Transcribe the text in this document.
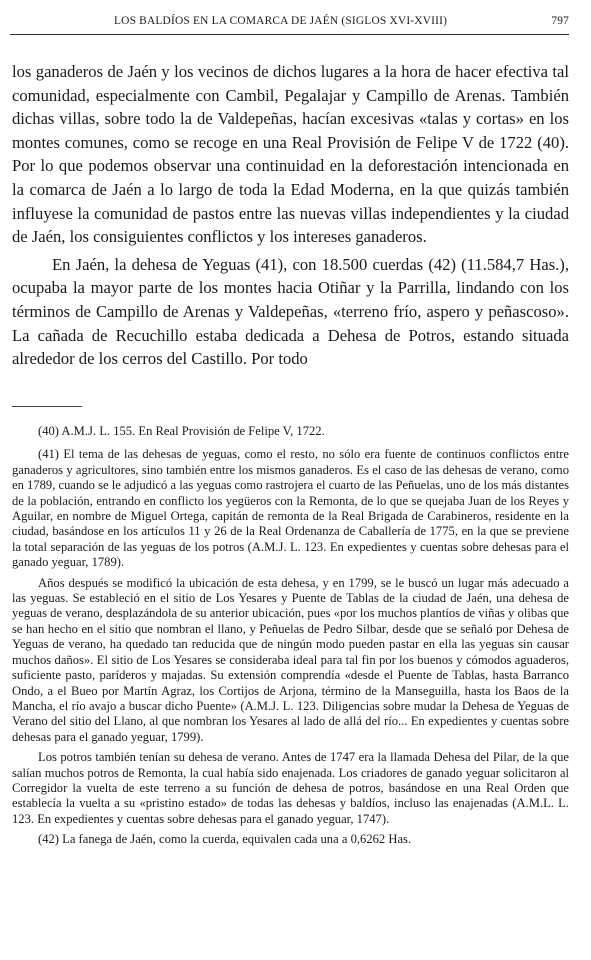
LOS BALDÍOS EN LA COMARCA DE JAÉN (SIGLOS XVI-XVIII)	797

los ganaderos de Jaén y los vecinos de dichos lugares a la hora de hacer efectiva tal comunidad, especialmente con Cambil, Pegalajar y Campillo de Arenas. También dichas villas, sobre todo la de Valdepeñas, hacían excesivas «talas y cortas» en los montes comunes, como se recoge en una Real Provisión de Felipe V de 1722 (40). Por lo que podemos observar una continuidad en la deforestación intencionada en la comarca de Jaén a lo largo de toda la Edad Moderna, en la que quizás también influyese la comunidad de pastos entre las nuevas villas independientes y la ciudad de Jaén, los consiguientes conflictos y los intereses ganaderos.

En Jaén, la dehesa de Yeguas (41), con 18.500 cuerdas (42) (11.584,7 Has.), ocupaba la mayor parte de los montes hacia Otiñar y la Parrilla, lindando con los términos de Campillo de Arenas y Valdepeñas, «terreno frío, aspero y peñascoso». La cañada de Recuchillo estaba dedicada a Dehesa de Potros, estando situada alrededor de los cerros del Castillo. Por todo

(40) A.M.J. L. 155. En Real Provisión de Felipe V, 1722.

(41) El tema de las dehesas de yeguas, como el resto, no sólo era fuente de continuos conflictos entre ganaderos y agricultores, sino también entre los mismos ganaderos. Es el caso de las dehesas de verano, como en 1789, cuando se le adjudicó a las yeguas como rastrojera el cuarto de las Peñuelas, uno de los más distantes de la población, entrando en conflicto los yegüeros con la Remonta, de lo que se quejaba Juan de los Reyes y Aguilar, en nombre de Miguel Ortega, capitán de remonta de la Real Brigada de Carabineros, residente en la ciudad, basándose en los artículos 11 y 26 de la Real Ordenanza de Caballería de 1775, en la que se previene la total separación de las yeguas de los potros (A.M.J. L. 123. En expedientes y cuentas sobre dehesas para el ganado yeguar, 1789).

Años después se modificó la ubicación de esta dehesa, y en 1799, se le buscó un lugar más adecuado a las yeguas. Se estableció en el sitio de Los Yesares y Puente de Tablas de la ciudad de Jaén, una dehesa de yeguas de verano, desplazándola de su anterior ubicación, pues «por los muchos plantíos de viñas y olibas que se han hecho en el sitio que nombran el llano, y Peñuelas de Pedro Silbar, desde que se señaló por Dehesa de Yeguas de verano, ha quedado tan reducida que de ningún modo pueden pastar en ella las yeguas sin causar muchos daños». El sitio de Los Yesares se consideraba ideal para tal fin por los buenos y cómodos aguaderos, suficiente pasto, paríderos y majadas. Su extensión comprendía «desde el Puente de Tablas, hasta Barranco Ondo, a el Bueo por Martín Agraz, los Cortijos de Arjona, término de la Manseguilla, hasta los Baos de la Mancha, el río avajo a buscar dicho Puente» (A.M.J. L. 123. Diligencias sobre mudar la Dehesa de Yeguas de Verano del sitio del Llano, al que nombran los Yesares al lado de allá del río... En expedientes y cuentas sobre dehesas para el ganado yeguar, 1799).

Los potros también tenían su dehesa de verano. Antes de 1747 era la llamada Dehesa del Pilar, de la que salían muchos potros de Remonta, la cual había sido enajenada. Los criadores de ganado yeguar solicitaron al Corregidor la vuelta de este terreno a su función de dehesa de potros, basándose en una Real Orden que establecía la vuelta a su «pristino estado» de todas las dehesas y baldíos, incluso las enajenadas (A.M.L. L. 123. En expedientes y cuentas sobre dehesas para el ganado yeguar, 1747).

(42) La fanega de Jaén, como la cuerda, equivalen cada una a 0,6262 Has.
